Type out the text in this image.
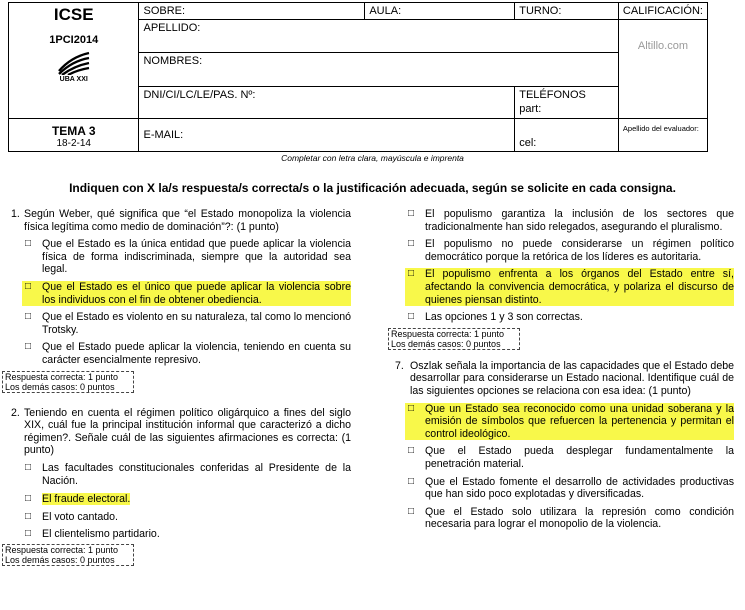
ICSE
1PCI2014
UBA XXI	SOBRE:	AULA:	TURNO:	CALIFICACIÓN:
	APELLIDO:			Altillo.com

	NOMBRES:			
	DNI/CI/LC/LE/PAS. Nº:		TELÉFONOS
part:	

TEMA 3
18-2-14	E-MAIL:		cel:	Apellido del evaluador:
Completar con letra clara, mayúscula e imprenta
Indiquen con X la/s respuesta/s correcta/s o la justificación adecuada, según se solicite en cada consigna.
1. Según Weber, qué significa que “el Estado monopoliza la violencia física legítima como medio de dominación”?: (1 punto)
□ Que el Estado es la única entidad que puede aplicar la violencia física de forma indiscriminada, siempre que la autoridad sea legal.
□ Que el Estado es el único que puede aplicar la violencia sobre los individuos con el fin de obtener obediencia.
□ Que el Estado es violento en su naturaleza, tal como lo mencionó Trotsky.
□ Que el Estado puede aplicar la violencia, teniendo en cuenta su carácter esencialmente represivo.
Respuesta correcta: 1 punto
Los demás casos: 0 puntos
2. Teniendo en cuenta el régimen político oligárquico a fines del siglo XIX, cuál fue la principal institución informal que caracterizó a dicho régimen?. Señale cuál de las siguientes afirmaciones es correcta: (1 punto)
□ Las facultades constitucionales conferidas al Presidente de la Nación.
□ El fraude electoral.
□ El voto cantado.
□ El clientelismo partidario.
Respuesta correcta: 1 punto
Los demás casos: 0 puntos
□ El populismo garantiza la inclusión de los sectores que tradicionalmente han sido relegados, asegurando el pluralismo.
□ El populismo no puede considerarse un régimen político democrático porque la retórica de los líderes es autoritaria.
□ El populismo enfrenta a los órganos del Estado entre sí, afectando la convivencia democrática, y polariza el discurso de quienes piensan distinto.
□ Las opciones 1 y 3 son correctas.
Respuesta correcta: 1 punto
Los demás casos: 0 puntos
7. Oszlak señala la importancia de las capacidades que el Estado debe desarrollar para considerarse un Estado nacional. Identifique cuál de las siguientes opciones se relaciona con esa idea: (1 punto)
□ Que un Estado sea reconocido como una unidad soberana y la emisión de símbolos que refuercen la pertenencia y permitan el control ideológico.
□ Que el Estado pueda desplegar fundamentalmente la penetración material.
□ Que el Estado fomente el desarrollo de actividades productivas que han sido poco explotadas y diversificadas.
□ Que el Estado solo utilizara la represión como condición necesaria para lograr el monopolio de la violencia.
